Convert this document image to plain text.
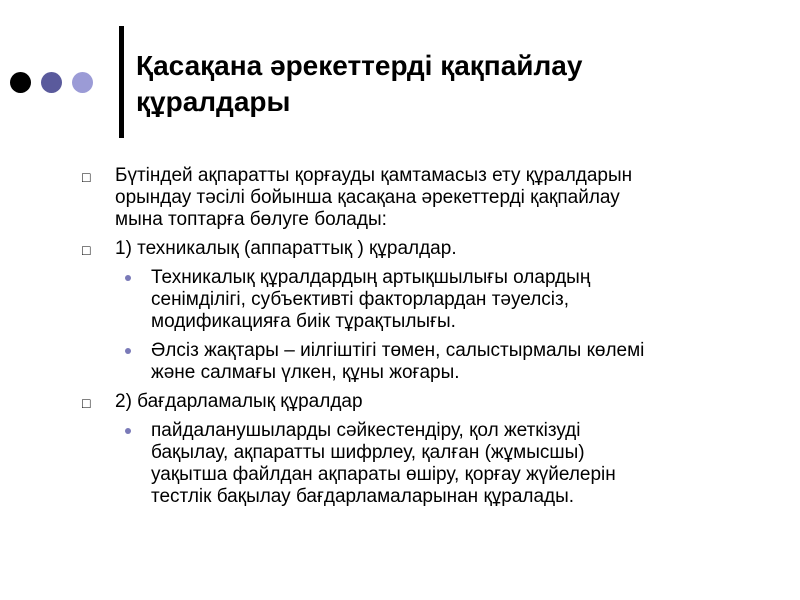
Қасақана әрекеттерді қақпайлау
құралдары
□ Бүтіндей ақпаратты қорғауды қамтамасыз ету құралдарын
орындау тәсілі бойынша қасақана әрекеттерді қақпайлау
мына топтарға бөлуге болады:
□ 1) техникалық (аппараттық ) құралдар.
Техникалық құралдардың артықшылығы олардың
сенімділігі, субъективті факторлардан тәуелсіз,
модификацияға биік тұрақтылығы.
Әлсіз жақтары – иілгіштігі төмен, салыстырмалы көлемі
және салмағы үлкен, құны жоғары.
□ 2) бағдарламалық құралдар
пайдаланушыларды сәйкестендіру, қол жеткізуді
бақылау, ақпаратты шифрлеу, қалған (жұмысшы)
уақытша файлдан ақпараты өшіру, қорғау жүйелерін
тестлік бақылау бағдарламаларынан құралады.
